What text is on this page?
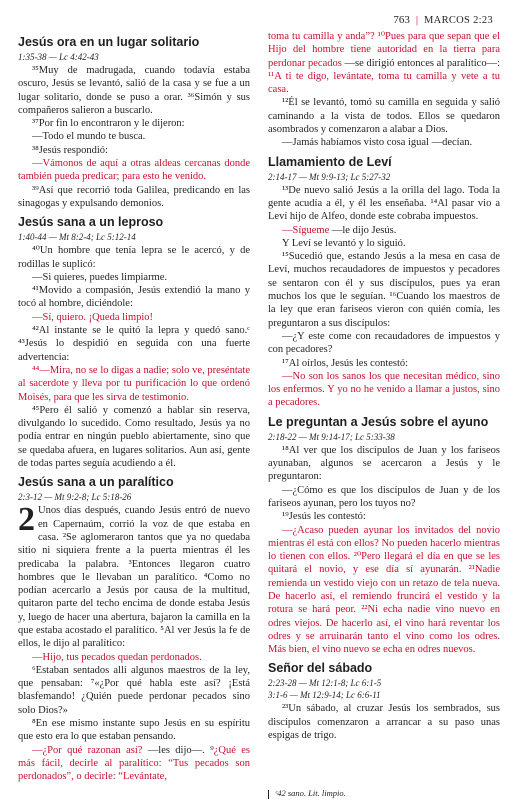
763 | MARCOS 2:23
Jesús ora en un lugar solitario
1:35-38 — Lc 4:42-43

³⁵Muy de madrugada, cuando todavía estaba oscuro, Jesús se levantó, salió de la casa y se fue a un lugar solitario, donde se puso a orar. ³⁶Simón y sus compañeros salieron a buscarlo.

³⁷Por fin lo encontraron y le dijeron:

—Todo el mundo te busca.

³⁸Jesús respondió:

—Vámonos de aquí a otras aldeas cercanas donde también pueda predicar; para esto he venido.

³⁹Así que recorrió toda Galilea, predicando en las sinagogas y expulsando demonios.

Jesús sana a un leproso
1:40-44 — Mt 8:2-4; Lc 5:12-14

⁴⁰Un hombre que tenía lepra se le acercó, y de rodillas le suplicó:

—Si quieres, puedes limpiarme.

⁴¹Movido a compasión, Jesús extendió la mano y tocó al hombre, diciéndole:

—Sí, quiero. ¡Queda limpio!

⁴²Al instante se le quitó la lepra y quedó sano.ᶜ ⁴³Jesús lo despidió en seguida con una fuerte advertencia:

⁴⁴—Mira, no se lo digas a nadie; solo ve, preséntate al sacerdote y lleva por tu purificación lo que ordenó Moisés, para que les sirva de testimonio.

⁴⁵Pero él salió y comenzó a hablar sin reserva, divulgando lo sucedido. Como resultado, Jesús ya no podía entrar en ningún pueblo abiertamente, sino que se quedaba afuera, en lugares solitarios. Aun así, gente de todas partes seguía acudiendo a él.

Jesús sana a un paralítico
2:3-12 — Mt 9:2-8; Lc 5:18-26

2 Unos días después, cuando Jesús entró de nuevo en Capernaúm, corrió la voz de que estaba en casa. ²Se aglomeraron tantos que ya no quedaba sitio ni siquiera frente a la puerta mientras él les predicaba la palabra. ³Entonces llegaron cuatro hombres que le llevaban un paralítico. ⁴Como no podían acercarlo a Jesús por causa de la multitud, quitaron parte del techo encima de donde estaba Jesús y, luego de hacer una abertura, bajaron la camilla en la que estaba acostado el paralítico. ⁵Al ver Jesús la fe de ellos, le dijo al paralítico:

—Hijo, tus pecados quedan perdonados.

⁶Estaban sentados allí algunos maestros de la ley, que pensaban: ⁷«¿Por qué habla este así? ¡Está blasfemando! ¿Quién puede perdonar pecados sino solo Dios?»

⁸En ese mismo instante supo Jesús en su espíritu que esto era lo que estaban pensando.

—¿Por qué razonan así? —les dijo—. ⁹¿Qué es más fácil, decirle al paralítico: “Tus pecados son perdonados”, o decirle: “Levántate,

toma tu camilla y anda”? ¹⁰Pues para que sepan que el Hijo del hombre tiene autoridad en la tierra para perdonar pecados —se dirigió entonces al paralítico—: ¹¹A ti te digo, levántate, toma tu camilla y vete a tu casa.

¹²Él se levantó, tomó su camilla en seguida y salió caminando a la vista de todos. Ellos se quedaron asombrados y comenzaron a alabar a Dios.

—Jamás habíamos visto cosa igual —decían.

Llamamiento de Leví
2:14-17 — Mt 9:9-13; Lc 5:27-32

¹³De nuevo salió Jesús a la orilla del lago. Toda la gente acudía a él, y él les enseñaba. ¹⁴Al pasar vio a Leví hijo de Alfeo, donde este cobraba impuestos.

—Sígueme —le dijo Jesús.

Y Leví se levantó y lo siguió.

¹⁵Sucedió que, estando Jesús a la mesa en casa de Leví, muchos recaudadores de impuestos y pecadores se sentaron con él y sus discípulos, pues ya eran muchos los que le seguían. ¹⁶Cuando los maestros de la ley que eran fariseos vieron con quién comía, les preguntaron a sus discípulos:

—¿Y este come con recaudadores de impuestos y con pecadores?

¹⁷Al oírlos, Jesús les contestó:

—No son los sanos los que necesitan médico, sino los enfermos. Y yo no he venido a llamar a justos, sino a pecadores.

Le preguntan a Jesús sobre el ayuno
2:18-22 — Mt 9:14-17; Lc 5:33-38

¹⁸Al ver que los discípulos de Juan y los fariseos ayunaban, algunos se acercaron a Jesús y le preguntaron:

—¿Cómo es que los discípulos de Juan y de los fariseos ayunan, pero los tuyos no?

¹⁹Jesús les contestó:

—¿Acaso pueden ayunar los invitados del novio mientras él está con ellos? No pueden hacerlo mientras lo tienen con ellos. ²⁰Pero llegará el día en que se les quitará el novio, y ese día sí ayunarán. ²¹Nadie remienda un vestido viejo con un retazo de tela nueva. De hacerlo así, el remiendo fruncirá el vestido y la rotura se hará peor. ²²Ni echa nadie vino nuevo en odres viejos. De hacerlo así, el vino hará reventar los odres y se arruinarán tanto el vino como los odres. Más bien, el vino nuevo se echa en odres nuevos.

Señor del sábado
2:23-28 — Mt 12:1-8; Lc 6:1-5
3:1-6 — Mt 12:9-14; Lc 6:6-11

²³Un sábado, al cruzar Jesús los sembrados, sus discípulos comenzaron a arrancar a su paso unas espigas de trigo.

ᶜ42 sano. Lit. limpio.
